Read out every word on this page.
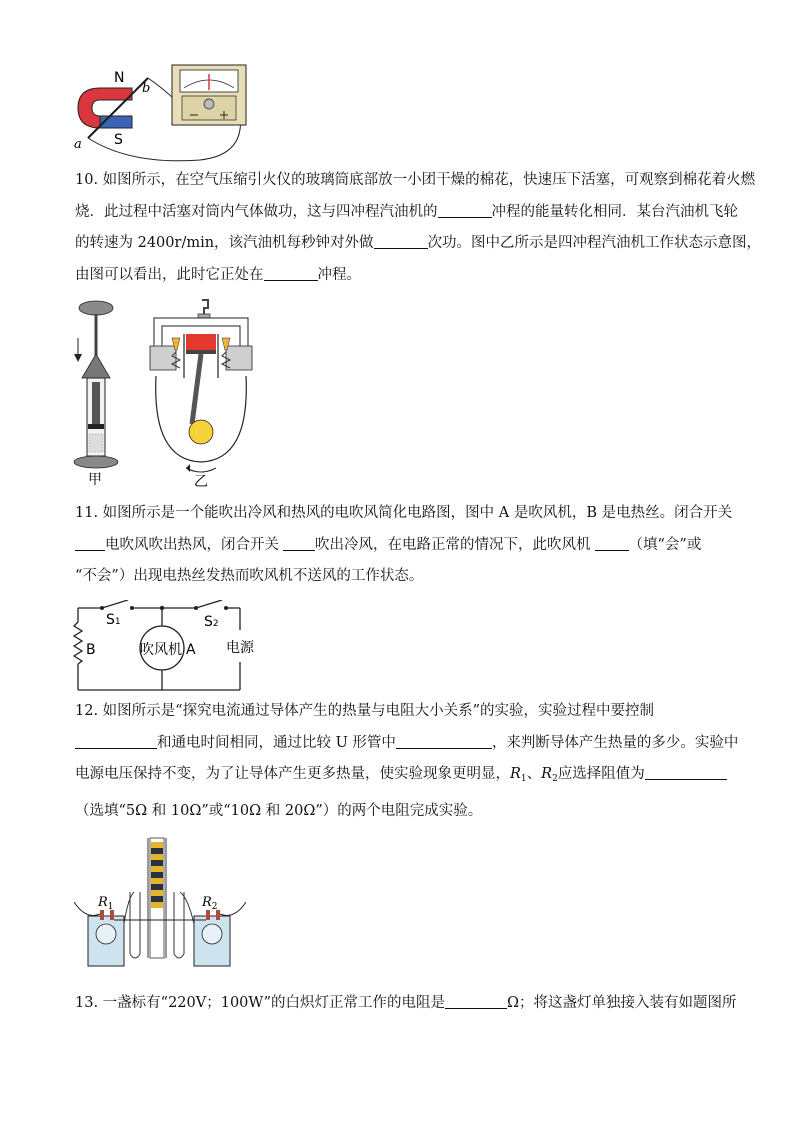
N
S
a
b

10. 如图所示，在空气压缩引火仪的玻璃筒底部放一小团干燥的棉花，快速压下活塞，可观察到棉花着火燃

烧．此过程中活塞对筒内气体做功，这与四冲程汽油机的	冲程的能量转化相同．某台汽油机飞轮

的转速为 2400r/min，该汽油机每秒钟对外做	次功。图中乙所示是四冲程汽油机工作状态示意图，

由图可以看出，此时它正处在	冲程。

甲	乙

11. 如图所示是一个能吹出冷风和热风的电吹风简化电路图，图中 A 是吹风机，B 是电热丝。闭合开关

电吹风吹出热风，闭合开关 吹出冷风，在电路正常的情况下，此吹风机	（填“会”或

“不会”）出现电热丝发热而吹风机不送风的工作状态。

S1	S2
B	吹风机 A 电源

12. 如图所示是“探究电流通过导体产生的热量与电阻大小关系”的实验，实验过程中要控制

和通电时间相同，通过比较 U 形管中	，来判断导体产生热量的多少。实验中

电源电压保持不变，为了让导体产生更多热量，使实验现象更明显，$R_1$、$R_2$应选择阻值为

（选填“5Ω 和 10Ω”或“10Ω 和 20Ω”）的两个电阻完成实验。

$R_1$	$R_2$

13. 一盏标有“220V；100W”的白炽灯正常工作的电阻是	Ω；将这盏灯单独接入装有如题图所
